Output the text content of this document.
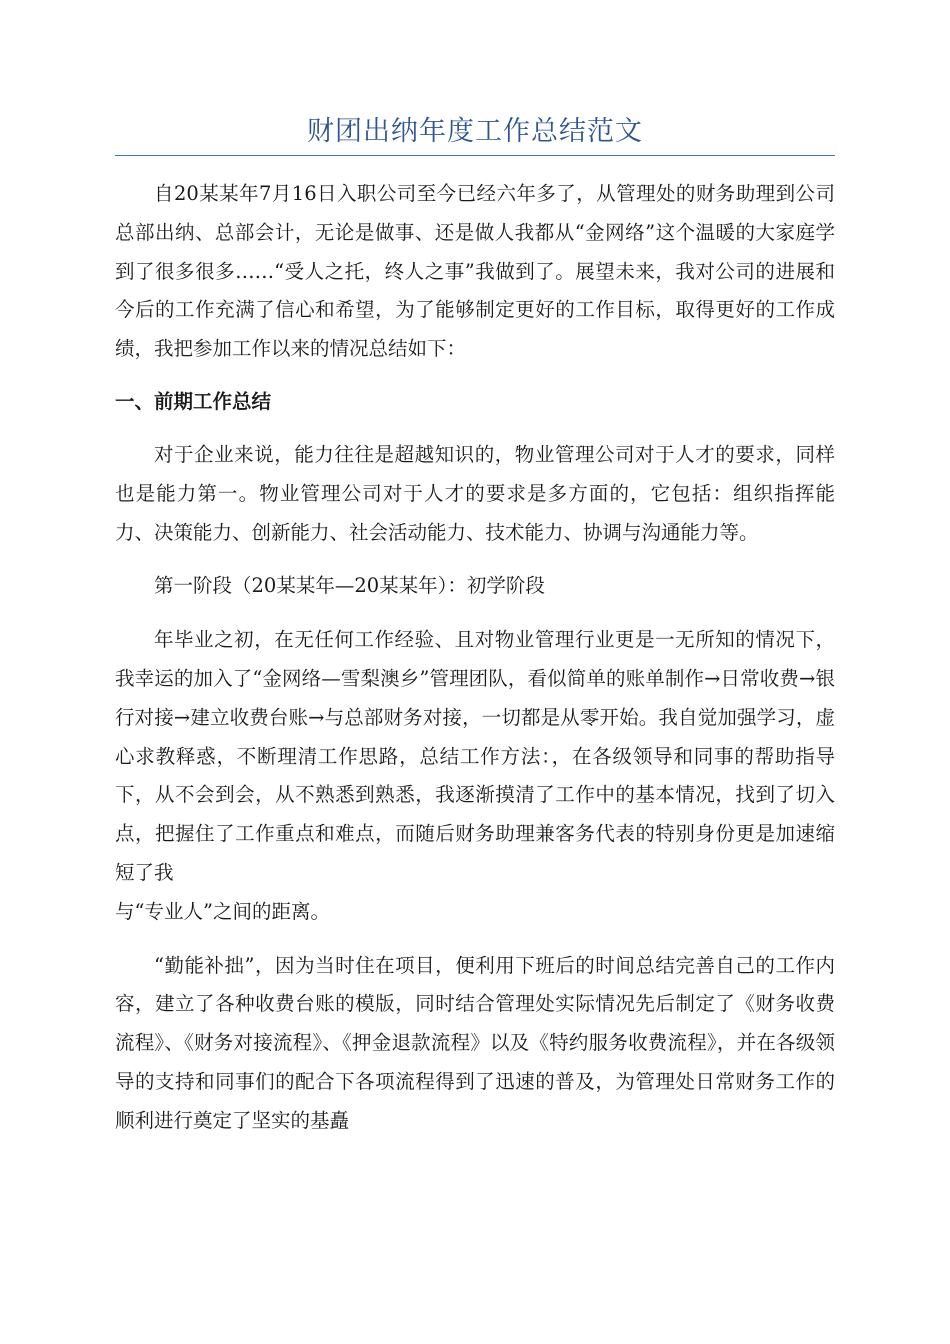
财团出纳年度工作总结范文

自20某某年7月16日入职公司至今已经六年多了，从管理处的财务助理到公司总部出纳、总部会计，无论是做事、还是做人我都从“金网络”这个温暖的大家庭学到了很多很多……“受人之托，终人之事”我做到了。展望未来，我对公司的进展和今后的工作充满了信心和希望，为了能够制定更好的工作目标，取得更好的工作成绩，我把参加工作以来的情况总结如下：

一、前期工作总结

对于企业来说，能力往往是超越知识的，物业管理公司对于人才的要求，同样也是能力第一。物业管理公司对于人才的要求是多方面的，它包括：组织指挥能力、决策能力、创新能力、社会活动能力、技术能力、协调与沟通能力等。

第一阶段（20某某年—20某某年）：初学阶段

年毕业之初，在无任何工作经验、且对物业管理行业更是一无所知的情况下，我幸运的加入了“金网络—雪梨澳乡”管理团队，看似简单的账单制作→日常收费→银行对接→建立收费台账→与总部财务对接，一切都是从零开始。我自觉加强学习，虚心求教释惑，不断理清工作思路，总结工作方法：，在各级领导和同事的帮助指导下，从不会到会，从不熟悉到熟悉，我逐渐摸清了工作中的基本情况，找到了切入点，把握住了工作重点和难点，而随后财务助理兼客务代表的特别身份更是加速缩短了我

与“专业人”之间的距离。

“勤能补拙”，因为当时住在项目，便利用下班后的时间总结完善自己的工作内容，建立了各种收费台账的模版，同时结合管理处实际情况先后制定了《财务收费流程》、《财务对接流程》、《押金退款流程》以及《特约服务收费流程》，并在各级领导的支持和同事们的配合下各项流程得到了迅速的普及，为管理处日常财务工作的顺利进行奠定了坚实的基矗
